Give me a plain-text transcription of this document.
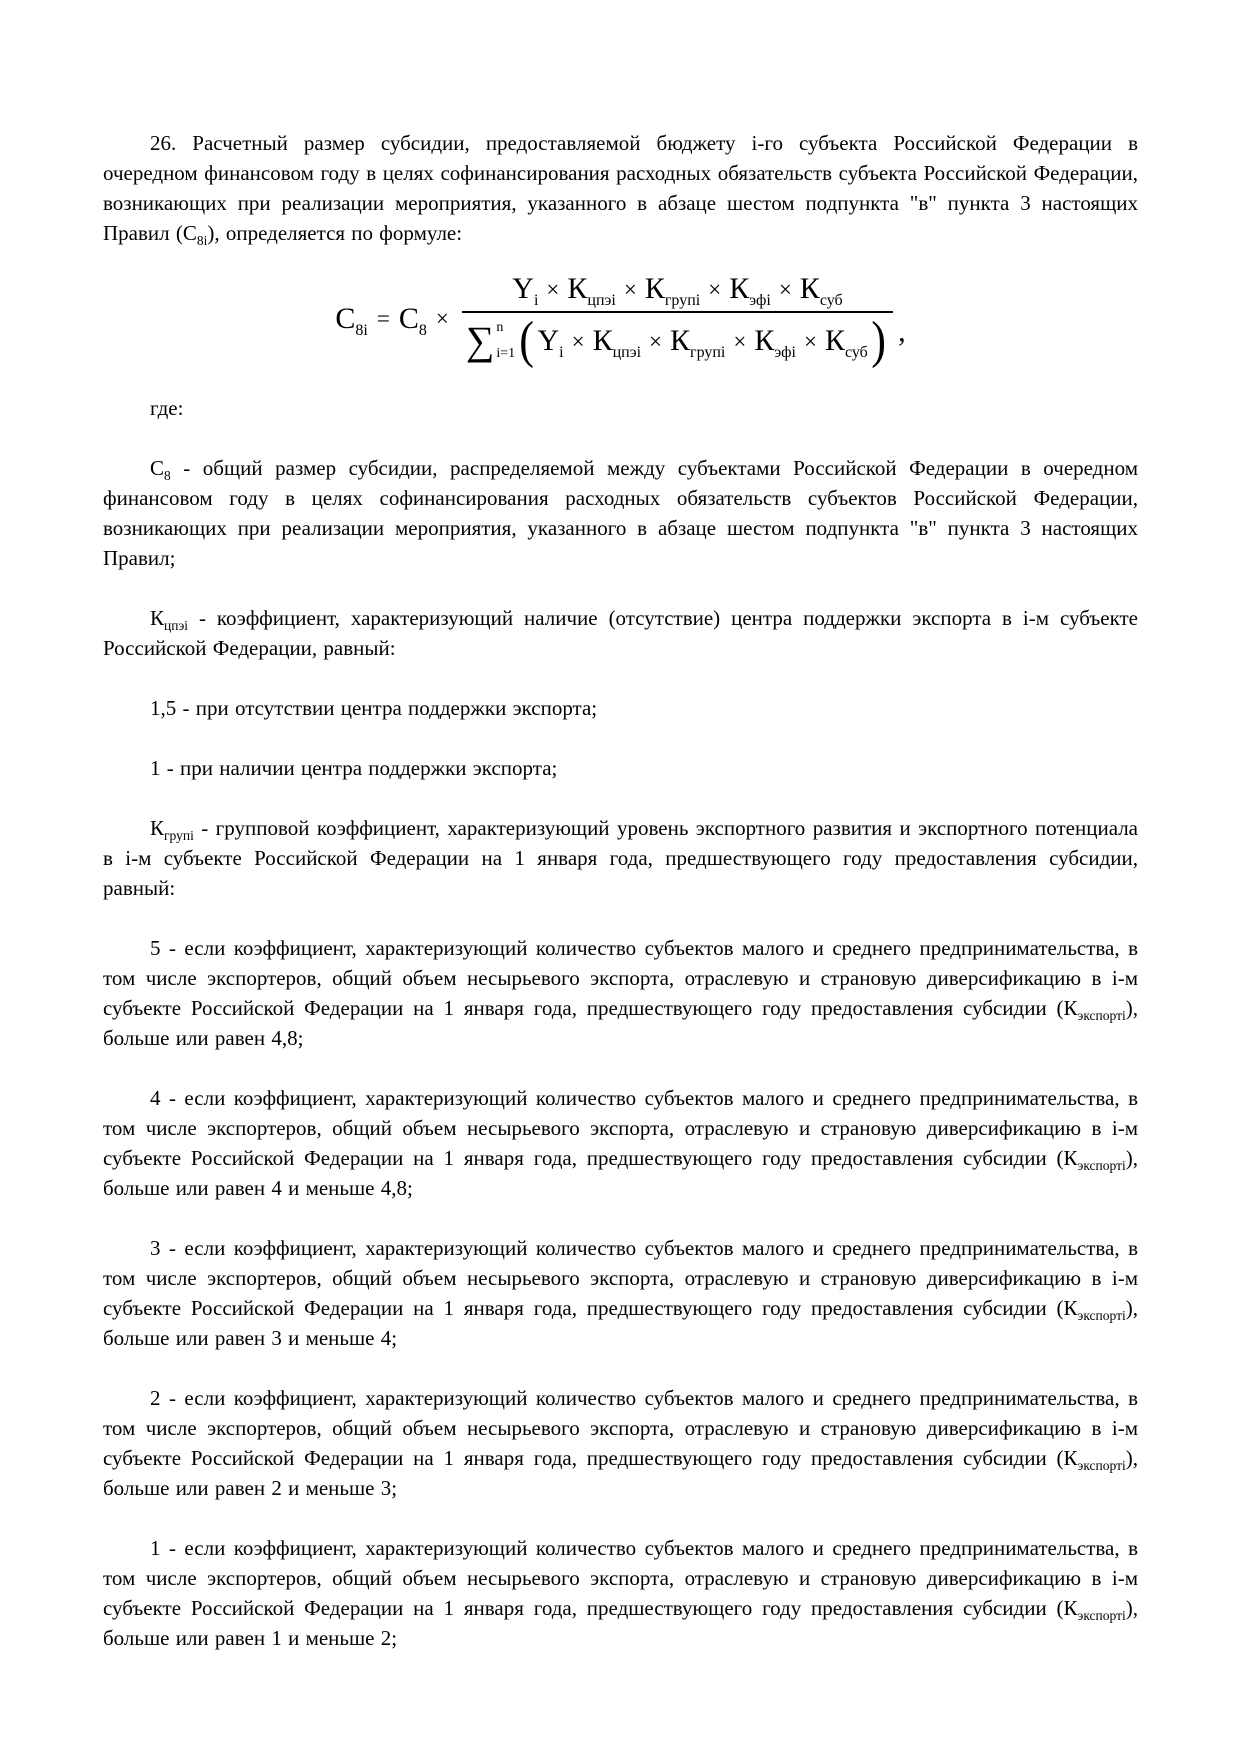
26. Расчетный размер субсидии, предоставляемой бюджету i-го субъекта Российской Федерации в очередном финансовом году в целях софинансирования расходных обязательств субъекта Российской Федерации, возникающих при реализации мероприятия, указанного в абзаце шестом подпункта "в" пункта 3 настоящих Правил $(С_{8i})$, определяется по формуле:

$С_{8i} = С_8$ ×
$Y_i \times К_{цпэi} \times К_{групi} \times К_{эфi} \times К_{суб}$
∑ n
i=1 ( $Y_i \times К_{цпэi} \times К_{групi} \times К_{эфi} \times К_{суб}$ ) ,

где:

$С_8$ - общий размер субсидии, распределяемой между субъектами Российской Федерации в очередном финансовом году в целях софинансирования расходных обязательств субъектов Российской Федерации, возникающих при реализации мероприятия, указанного в абзаце шестом подпункта "в" пункта 3 настоящих Правил;

$К_{цпэi}$ - коэффициент, характеризующий наличие (отсутствие) центра поддержки экспорта в i-м субъекте Российской Федерации, равный:

1,5 - при отсутствии центра поддержки экспорта;

1 - при наличии центра поддержки экспорта;

$К_{групi}$ - групповой коэффициент, характеризующий уровень экспортного развития и экспортного потенциала в i-м субъекте Российской Федерации на 1 января года, предшествующего году предоставления субсидии, равный:

5 - если коэффициент, характеризующий количество субъектов малого и среднего предпринимательства, в том числе экспортеров, общий объем несырьевого экспорта, отраслевую и страновую диверсификацию в i-м субъекте Российской Федерации на 1 января года, предшествующего году предоставления субсидии $(К_{экспортi})$, больше или равен 4,8;

4 - если коэффициент, характеризующий количество субъектов малого и среднего предпринимательства, в том числе экспортеров, общий объем несырьевого экспорта, отраслевую и страновую диверсификацию в i-м субъекте Российской Федерации на 1 января года, предшествующего году предоставления субсидии $(К_{экспортi})$, больше или равен 4 и меньше 4,8;

3 - если коэффициент, характеризующий количество субъектов малого и среднего предпринимательства, в том числе экспортеров, общий объем несырьевого экспорта, отраслевую и страновую диверсификацию в i-м субъекте Российской Федерации на 1 января года, предшествующего году предоставления субсидии $(К_{экспортi})$, больше или равен 3 и меньше 4;

2 - если коэффициент, характеризующий количество субъектов малого и среднего предпринимательства, в том числе экспортеров, общий объем несырьевого экспорта, отраслевую и страновую диверсификацию в i-м субъекте Российской Федерации на 1 января года, предшествующего году предоставления субсидии $(К_{экспортi})$, больше или равен 2 и меньше 3;

1 - если коэффициент, характеризующий количество субъектов малого и среднего предпринимательства, в том числе экспортеров, общий объем несырьевого экспорта, отраслевую и страновую диверсификацию в i-м субъекте Российской Федерации на 1 января года, предшествующего году предоставления субсидии $(К_{экспортi})$, больше или равен 1 и меньше 2;
